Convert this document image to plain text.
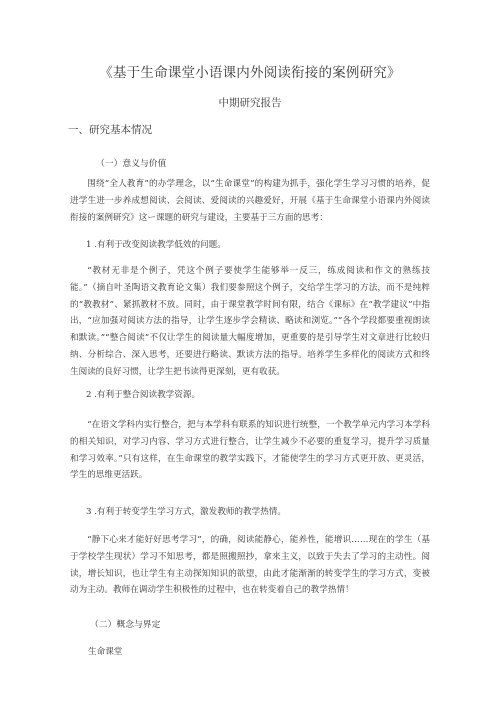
《基于生命课堂小语课内外阅读衔接的案例研究》
中期研究报告
一、研究基本情况
（一）意义与价值

围绕“全人教育”的办学理念，以“生命课堂”的构建为抓手，强化学生学习习惯的培养，促进学生进一步养成想阅读、会阅读、爱阅读的兴趣爱好，开展《基于生命课堂小语课内外阅读衔接的案例研究》这ー课题的研究与建设，主要基于三方面的思考：

1 .有利于改变阅读教学低效的问题。

“教材无非是个例子，凭这个例子要使学生能够举一反三，练成阅读和作文的熟练技能。”（摘自叶圣陶语文教育论文集）我们要参照这个例子，交给学生学习的方法，而不是纯粹的“教教材”、紧抓教材不放。同时，由于课堂教学时间有限，结合《课标》在“教学建议”中指出，“应加强对阅读方法的指导，让学生逐步学会精读、略读和浏览。”“各个学段都要重视朗读和默读。”“整合阅读”不仅让学生的阅读量大幅度增加，更重要的是引导学生对文章进行比较归纳、分析综合、深入思考，还要进行略读、默读方法的指导。培养学生多样化的阅读方式和终生阅读的良好习惯，让学生把书读得更深刻，更有收获。

2 .有利于整合阅读教学资源。

“在语文学科内实行整合，把与本学科有联系的知识进行统整，一个教学单元内学习本学科的相关知识，对学习内容、学习方式进行整合，让学生减少不必要的重复学习，提升学习质量和学习效率。”只有这样，在生命课堂的教学实践下，才能使学生的学习方式更开放、更灵活，学生的思维更活跃。

3 .有利于转变学生学习方式，激发教师的教学热情。

“静下心来才能好好思考学习”，的确，阅读能静心，能养性，能增识……现在的学生（基于学校学生现状）学习不知思考，都是照搬照抄，拿来主义，以致于失去了学习的主动性。阅读，增长知识，也让学生有主动探知知识的欲望，由此才能渐渐的转变学生的学习方式，变被动为主动。教师在调动学生积极性的过程中，也在转变着自己的教学热情！

（二）概念与界定
生命课堂
